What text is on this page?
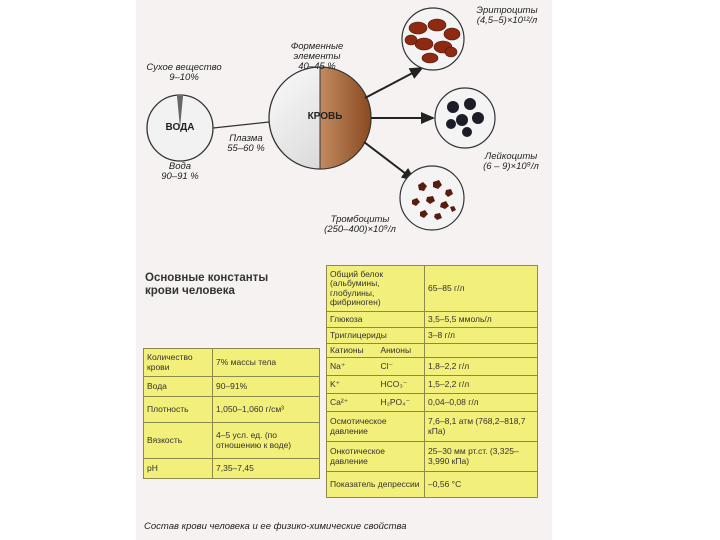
Сухое вещество
9–10%
ВОДА
Вода
90–91 %
Плазма
55–60 %
Форменные
элементы
40–45 %
КРОВЬ
Эритроциты
(4,5–5)×10¹²/л
Лейкоциты
(6 – 9)×10⁹/л
Тромбоциты
(250–400)×10⁹/л
Основные константы
крови человека
Количество крови	7% массы тела
Вода	90–91%
Плотность	1,050–1,060 г/см³
Вязкость	4–5 усл. ед. (по отношению к воде)
pH	7,35–7,45
Общий белок (альбумины, глобулины, фибриноген)		65–85 г/л
Глюкоза		3,5–5,5 ммоль/л
Триглицериды		3–8 г/л
Катионы	Анионы	
Na⁺	Cl⁻	1,8–2,2 г/л
K⁺	HCO₃⁻	1,5–2,2 г/л
Ca²⁺	H₂PO₄⁻	0,04–0,08 г/л
Осмотическое давление		7,6–8,1 атм (768,2–818,7 кПа)
Онкотическое давление		25–30 мм рт.ст. (3,325–3,990 кПа)
Показатель депрессии		–0,56 °С
Состав крови человека и ее физико-химические свойства
